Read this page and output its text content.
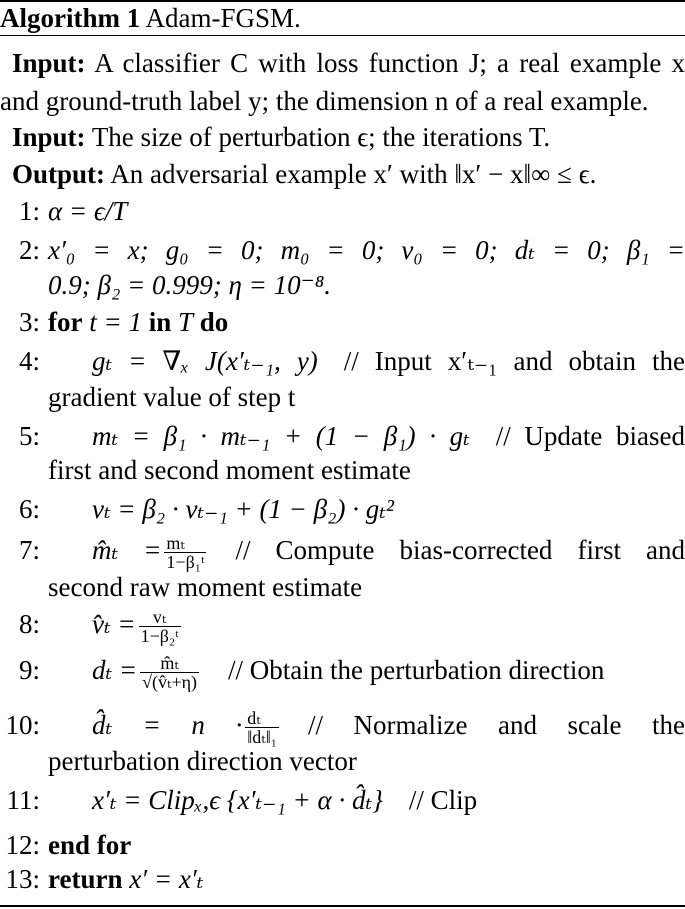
Algorithm 1 Adam-FGSM.
Input: A classifier C with loss function J; a real example x
and ground-truth label y; the dimension n of a real example.
Input: The size of perturbation ϵ; the iterations T.
Output: An adversarial example x′ with ‖x′ − x‖∞ ≤ ϵ.
1: α = ϵ/T
2: x′₀ = x; g₀ = 0; m₀ = 0; v₀ = 0; dₜ = 0; β₁ =
0.9; β₂ = 0.999; η = 10⁻⁸.
3: for t = 1 in T do
4: gₜ = ∇ₓ J(x′ₜ₋₁, y) // Input x′ₜ₋₁ and obtain the
gradient value of step t
5: mₜ = β₁ · mₜ₋₁ + (1 − β₁) · gₜ // Update biased
first and second moment estimate
6: vₜ = β₂ · vₜ₋₁ + (1 − β₂) · gₜ²
7: m̂ₜ = $\frac{\text{mₜ}}{\text{1−β₁ᵗ}}$ // Compute bias-corrected first and
second raw moment estimate
8: v̂ₜ = $\frac{\text{vₜ}}{\text{1−β₂ᵗ}}$
9: $d_t = \frac{\text{m̂ₜ}}{\text{√(v̂ₜ+η)}}$ // Obtain the perturbation direction
10: d̂ₜ = $n \cdot \frac{\text{dₜ}}{\text{‖dₜ‖₁}}$ // Normalize and scale the
perturbation direction vector
11: x′ₜ = Clipₓ,ϵ {x′ₜ₋₁ + α · d̂ₜ} // Clip
12: end for
13: return x′ = x′ₜ
